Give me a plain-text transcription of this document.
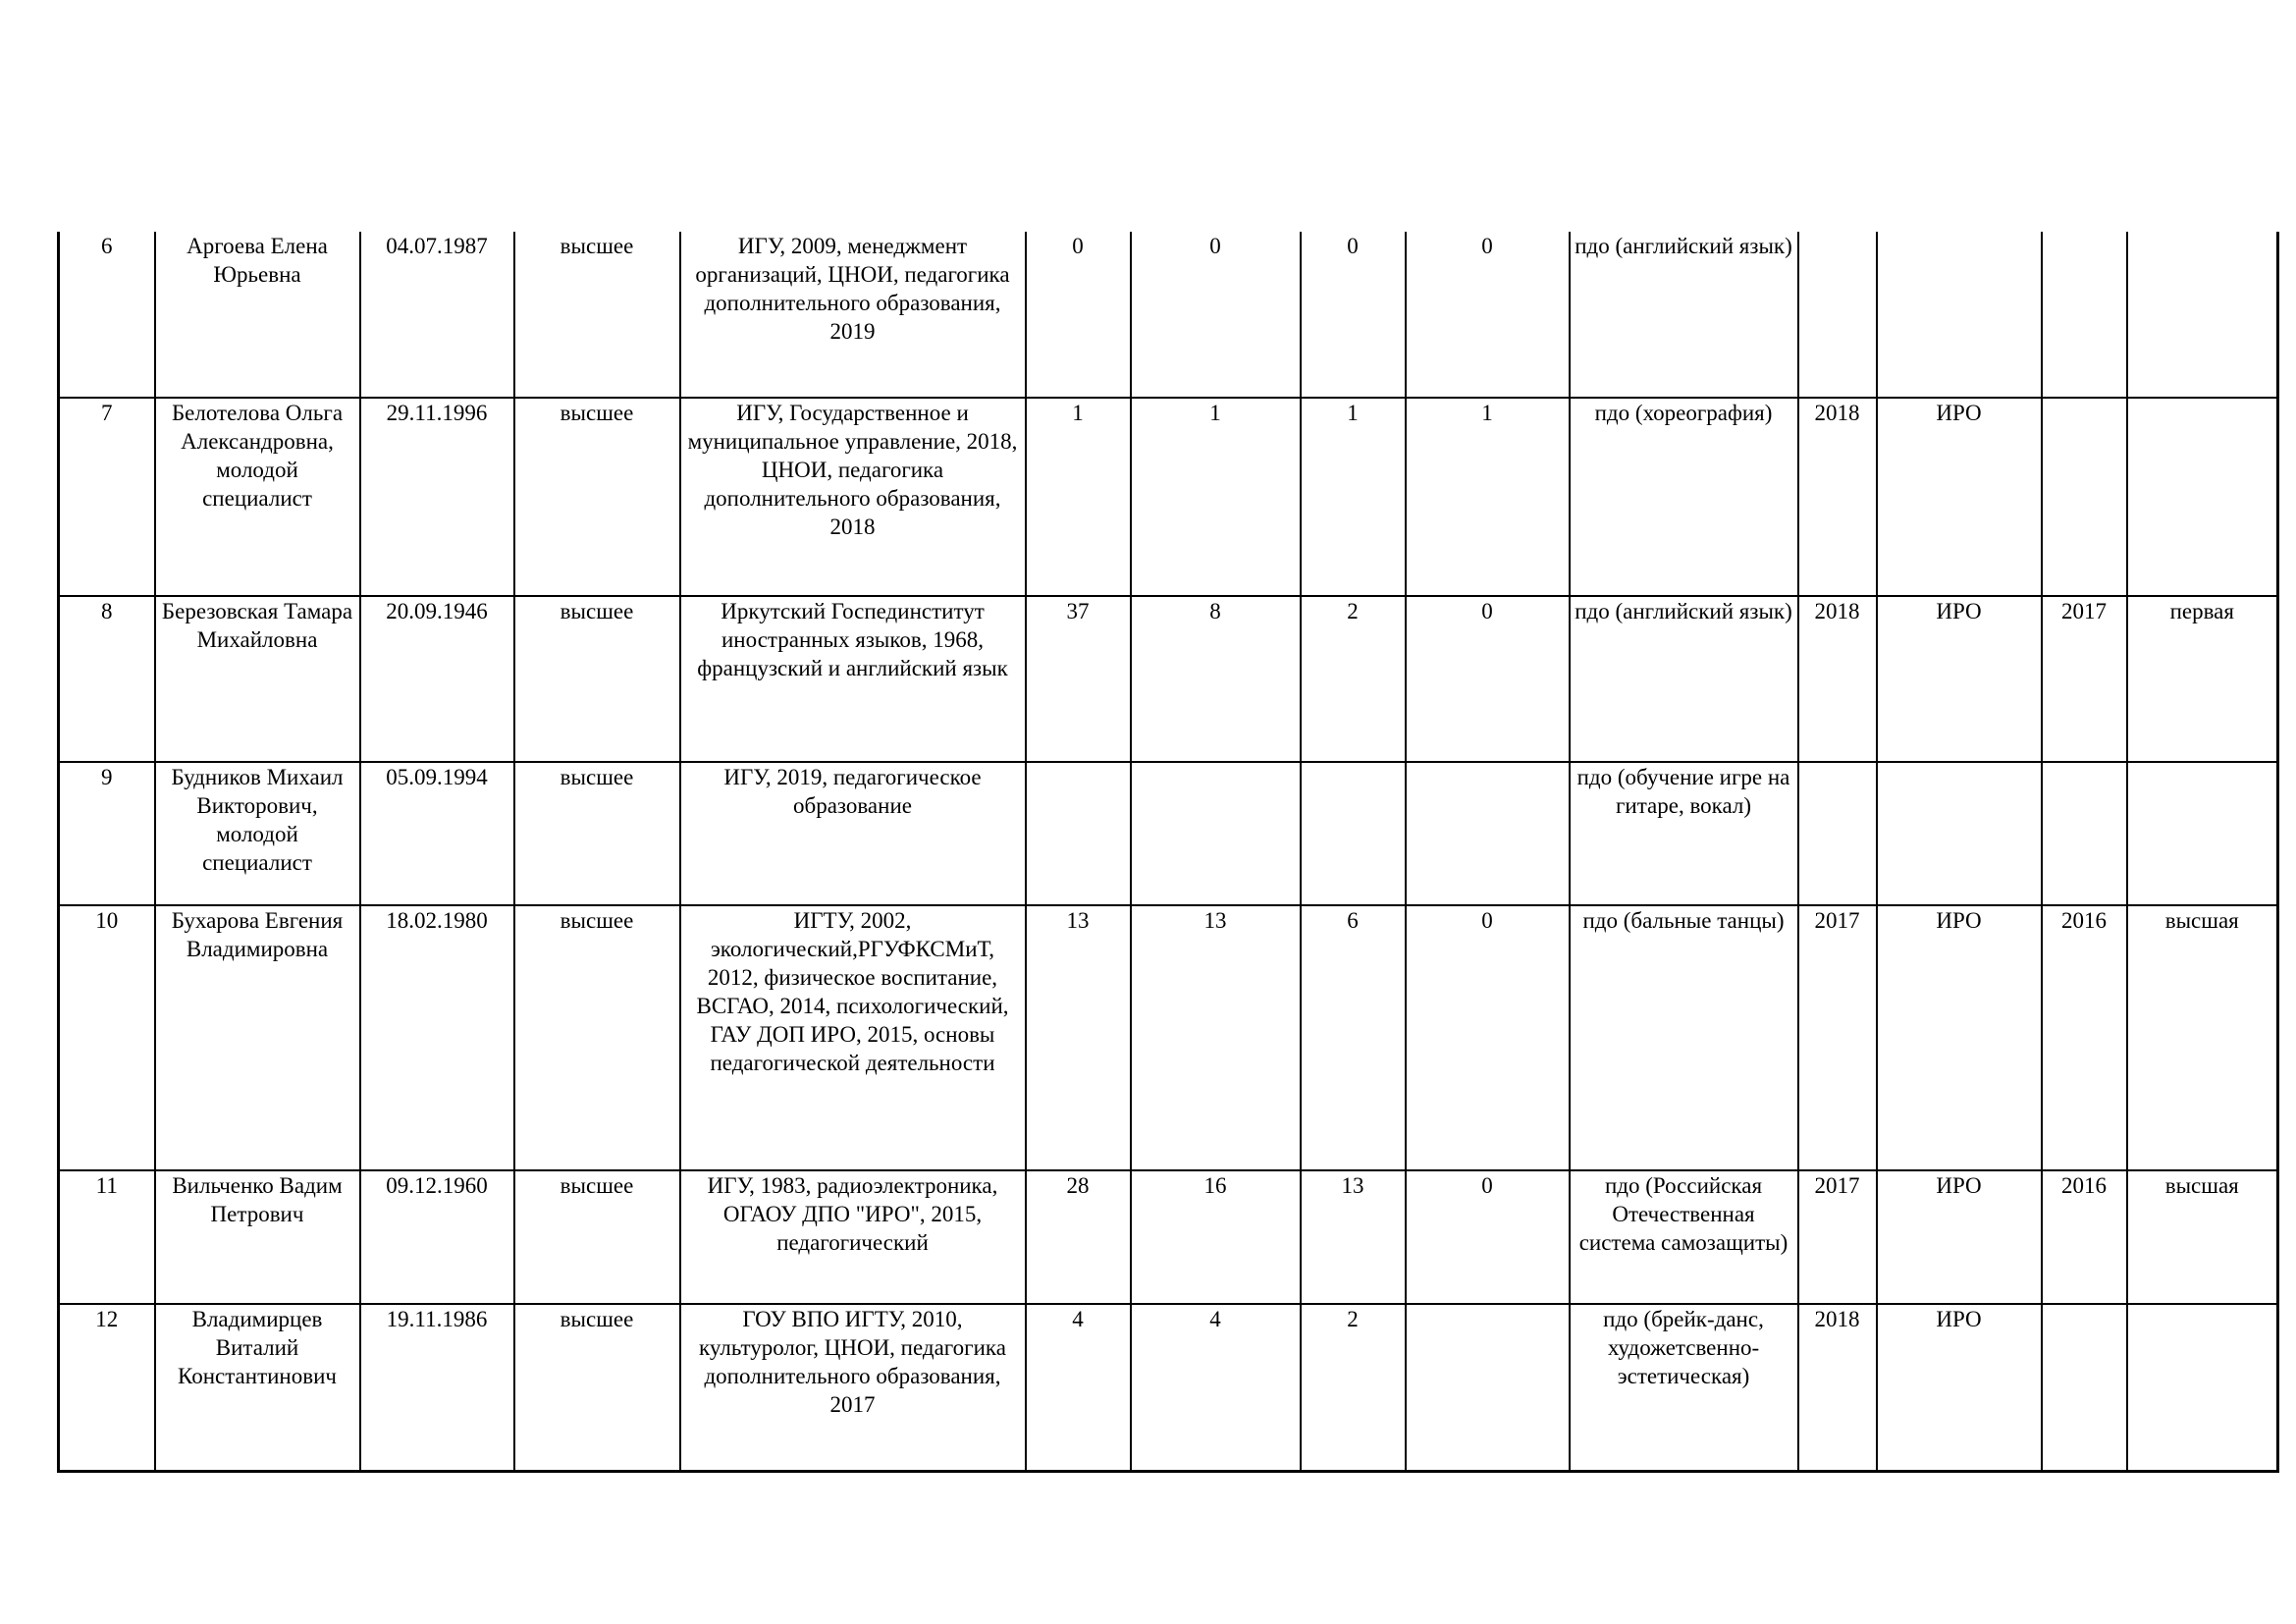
6	Аргоева Елена Юрьевна	04.07.1987	высшее	ИГУ, 2009, менеджмент организаций, ЦНОИ, педагогика дополнительного образования, 2019	0	0	0	0	пдо (английский язык)				
7	Белотелова Ольга Александровна, молодой специалист	29.11.1996	высшее	ИГУ, Государственное и муниципальное управление, 2018, ЦНОИ, педагогика дополнительного образования, 2018	1	1	1	1	пдо (хореография)	2018	ИРО		
8	Березовская Тамара Михайловна	20.09.1946	высшее	Иркутский Госпединститут иностранных языков, 1968, французский и английский язык	37	8	2	0	пдо (английский язык)	2018	ИРО	2017	первая
9	Будников Михаил Викторович, молодой специалист	05.09.1994	высшее	ИГУ, 2019, педагогическое образование					пдо (обучение игре на гитаре, вокал)				
10	Бухарова Евгения Владимировна	18.02.1980	высшее	ИГТУ, 2002, экологический,РГУФКСМиТ, 2012, физическое воспитание, ВСГАО, 2014, психологический, ГАУ ДОП ИРО, 2015, основы педагогической деятельности	13	13	6	0	пдо (бальные танцы)	2017	ИРО	2016	высшая
11	Вильченко Вадим Петрович	09.12.1960	высшее	ИГУ, 1983, радиоэлектроника, ОГАОУ ДПО "ИРО", 2015, педагогический	28	16	13	0	пдо (Российская Отечественная система самозащиты)	2017	ИРО	2016	высшая
12	Владимирцев Виталий Константинович	19.11.1986	высшее	ГОУ ВПО ИГТУ, 2010, культуролог, ЦНОИ, педагогика дополнительного образования, 2017	4	4	2		пдо (брейк-данс, художетсвенно-эстетическая)	2018	ИРО		
